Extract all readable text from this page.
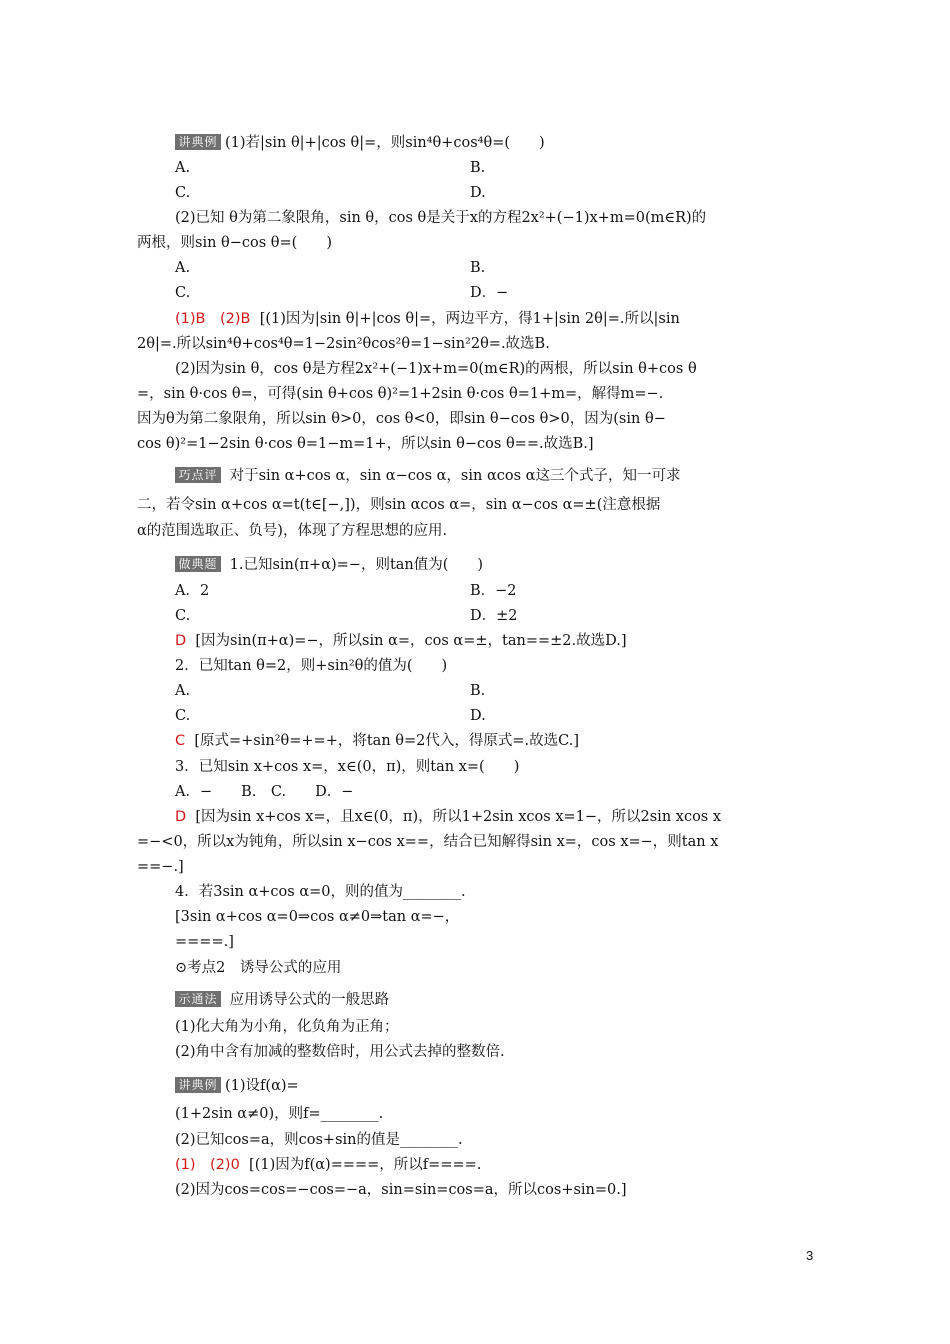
讲典例 (1)若|sin θ|+|cos θ|=，则sin⁴θ+cos⁴θ=(　　)
A.	B.
C.	D.
(2)已知 θ为第二象限角，sin θ，cos θ是关于x的方程2x²+(−1)x+m=0(m∈R)的
两根，则sin θ−cos θ=(　　)
A.	B.
C.	D．−
(1)B　(2)B [(1)因为|sin θ|+|cos θ|=，两边平方，得1+|sin 2θ|=.所以|sin
2θ|=.所以sin⁴θ+cos⁴θ=1−2sin²θcos²θ=1−sin²2θ=.故选B.
(2)因为sin θ，cos θ是方程2x²+(−1)x+m=0(m∈R)的两根，所以sin θ+cos θ
=，sin θ·cos θ=，可得(sin θ+cos θ)²=1+2sin θ·cos θ=1+m=，解得m=−.
因为θ为第二象限角，所以sin θ>0，cos θ<0，即sin θ−cos θ>0，因为(sin θ−
cos θ)²=1−2sin θ·cos θ=1−m=1+，所以sin θ−cos θ==.故选B.]
巧点评 对于sin α+cos α，sin α−cos α，sin αcos α这三个式子，知一可求
二，若令sin α+cos α=t(t∈[−,])，则sin αcos α=，sin α−cos α=±(注意根据
α的范围选取正、负号)，体现了方程思想的应用.
做典题 1.已知sin(π+α)=−，则tan值为(　　)
A．2	B．−2
C.	D．±2
D [因为sin(π+α)=−，所以sin α=，cos α=±，tan==±2.故选D.]
2．已知tan θ=2，则+sin²θ的值为(　　)
A.	B.
C.	D.
C [原式=+sin²θ=+=+，将tan θ=2代入，得原式=.故选C.]
3．已知sin x+cos x=，x∈(0，π)，则tan x=(　　)
A．−　　B.　C.　　D．−
D [因为sin x+cos x=，且x∈(0，π)，所以1+2sin xcos x=1−，所以2sin xcos x
=−<0，所以x为钝角，所以sin x−cos x==，结合已知解得sin x=，cos x=−，则tan x
==−.]
4．若3sin α+cos α=0，则的值为________.
[3sin α+cos α=0⇒cos α≠0⇒tan α=−，
====.]
⊙考点2　诱导公式的应用
示通法 应用诱导公式的一般思路
(1)化大角为小角，化负角为正角；
(2)角中含有加减的整数倍时，用公式去掉的整数倍.
讲典例 (1)设f(α)=
(1+2sin α≠0)，则f=________.
(2)已知cos=a，则cos+sin的值是________.
(1)　(2)0 [(1)因为f(α)====，所以f====.
(2)因为cos=cos=−cos=−a，sin=sin=cos=a，所以cos+sin=0.]
3
